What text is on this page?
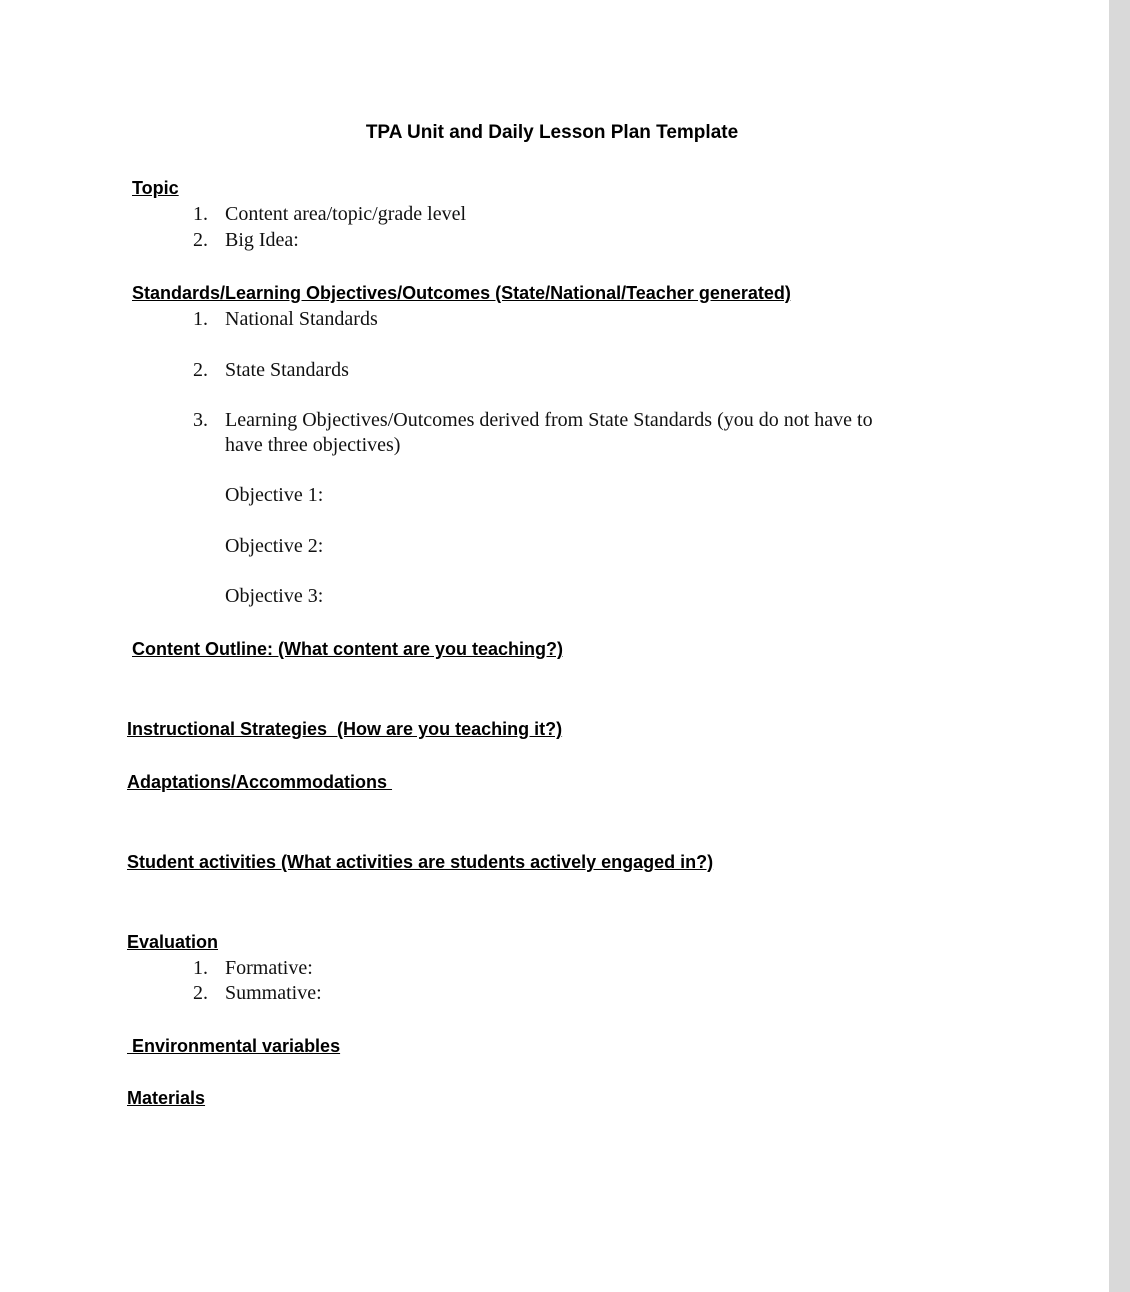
TPA Unit and Daily Lesson Plan Template
Topic
1. Content area/topic/grade level
2. Big Idea:
Standards/Learning Objectives/Outcomes (State/National/Teacher generated)
1. National Standards
2. State Standards
3. Learning Objectives/Outcomes derived from State Standards (you do not have to
have three objectives)
Objective 1:
Objective 2:
Objective 3:
Content Outline: (What content are you teaching?)
Instructional Strategies  (How are you teaching it?)
Adaptations/Accommodations
Student activities (What activities are students actively engaged in?)
Evaluation
1. Formative:
2. Summative:
Environmental variables
Materials
